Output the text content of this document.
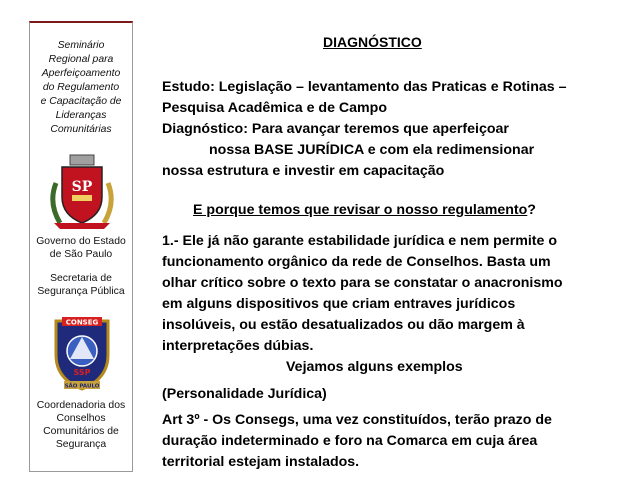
Seminário
Regional para
Aperfeiçoamento
do Regulamento
e Capacitação de
Lideranças
Comunitárias
SP
Governo do Estado
de São Paulo
Secretaria de
Segurança Pública
CONSEG
SSP
SÃO PAULO
Coordenadoria dos
Conselhos
Comunitários de
Segurança
DIAGNÓSTICO
Estudo: Legislação – levantamento das Praticas e Rotinas –
Pesquisa Acadêmica e de Campo
Diagnóstico: Para avançar teremos que aperfeiçoar
nossa BASE JURÍDICA e com ela redimensionar
nossa estrutura e investir em capacitação
E porque temos que revisar o nosso regulamento?
1.- Ele já não garante estabilidade jurídica e nem permite o
funcionamento orgânico da rede de Conselhos. Basta um
olhar crítico sobre o texto para se constatar o anacronismo
em alguns dispositivos que criam entraves jurídicos
insolúveis, ou estão desatualizados ou dão margem à
interpretações dúbias.
Vejamos alguns exemplos
(Personalidade Jurídica)
Art 3º - Os Consegs, uma vez constituídos, terão prazo de
duração indeterminado e foro na Comarca em cuja área
territorial estejam instalados.
